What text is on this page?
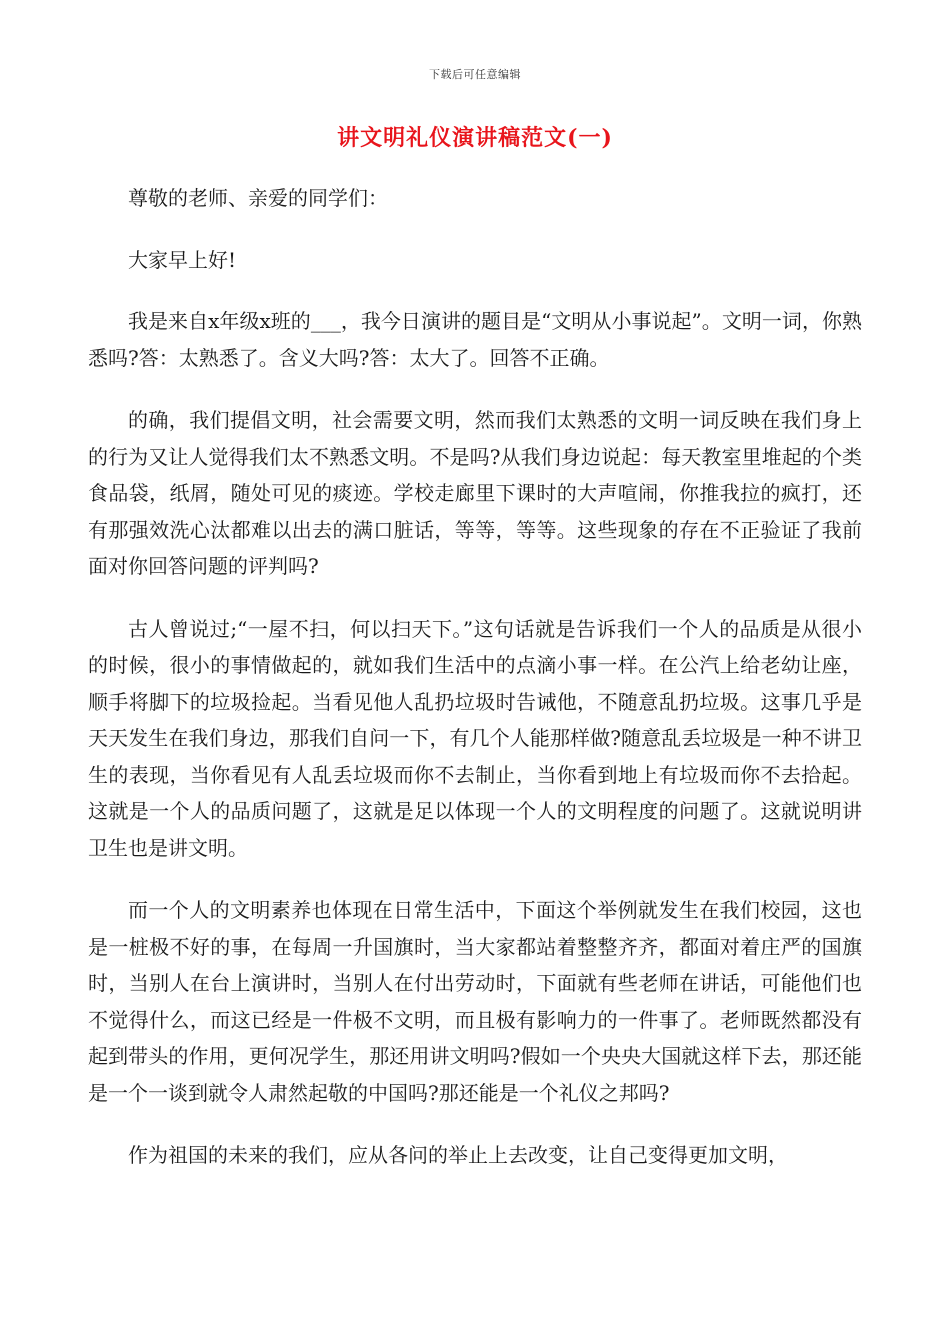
下载后可任意编辑
讲文明礼仪演讲稿范文(一)

尊敬的老师、亲爱的同学们：

大家早上好!

我是来自x年级x班的___，我今日演讲的题目是“文明从小事说起”。文明一词，你熟悉吗?答：太熟悉了。含义大吗?答：太大了。回答不正确。

的确，我们提倡文明，社会需要文明，然而我们太熟悉的文明一词反映在我们身上的行为又让人觉得我们太不熟悉文明。不是吗?从我们身边说起：每天教室里堆起的个类食品袋，纸屑，随处可见的痰迹。学校走廊里下课时的大声喧闹，你推我拉的疯打，还有那强效洗心汰都难以出去的满口脏话，等等，等等。这些现象的存在不正验证了我前面对你回答问题的评判吗?

古人曾说过;“一屋不扫，何以扫天下。”这句话就是告诉我们一个人的品质是从很小的时候，很小的事情做起的，就如我们生活中的点滴小事一样。在公汽上给老幼让座，顺手将脚下的垃圾捡起。当看见他人乱扔垃圾时告诫他，不随意乱扔垃圾。这事几乎是天天发生在我们身边，那我们自问一下，有几个人能那样做?随意乱丢垃圾是一种不讲卫生的表现，当你看见有人乱丢垃圾而你不去制止，当你看到地上有垃圾而你不去拾起。这就是一个人的品质问题了，这就是足以体现一个人的文明程度的问题了。这就说明讲卫生也是讲文明。

而一个人的文明素养也体现在日常生活中，下面这个举例就发生在我们校园，这也是一桩极不好的事，在每周一升国旗时，当大家都站着整整齐齐，都面对着庄严的国旗时，当别人在台上演讲时，当别人在付出劳动时，下面就有些老师在讲话，可能他们也不觉得什么，而这已经是一件极不文明，而且极有影响力的一件事了。老师既然都没有起到带头的作用，更何况学生，那还用讲文明吗?假如一个央央大国就这样下去，那还能是一个一谈到就令人肃然起敬的中国吗?那还能是一个礼仪之邦吗?

作为祖国的未来的我们，应从各问的举止上去改变，让自己变得更加文明，
